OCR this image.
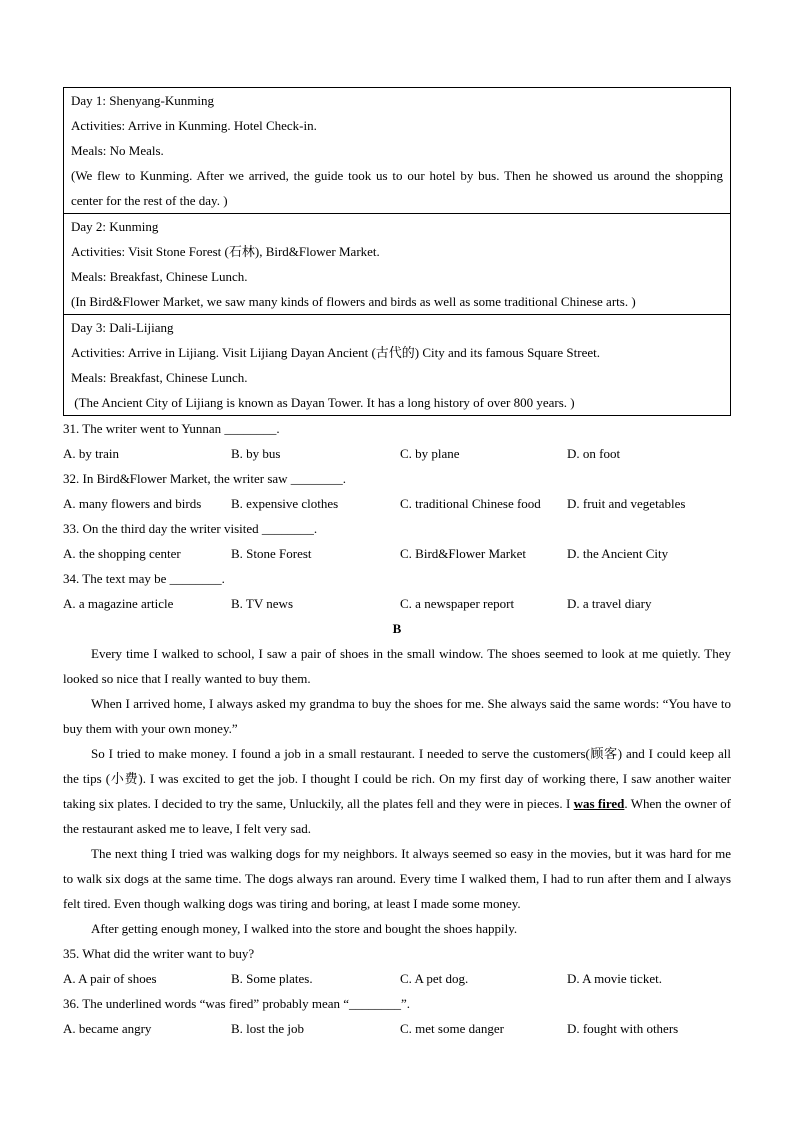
Day 1: Shenyang-Kunming
Activities: Arrive in Kunming. Hotel Check-in.
Meals: No Meals.
(We flew to Kunming. After we arrived, the guide took us to our hotel by bus. Then he showed us around the shopping center for the rest of the day. )

Day 2: Kunming
Activities: Visit Stone Forest (石林), Bird&Flower Market.
Meals: Breakfast, Chinese Lunch.
(In Bird&Flower Market, we saw many kinds of flowers and birds as well as some traditional Chinese arts. )

Day 3: Dali-Lijiang
Activities: Arrive in Lijiang. Visit Lijiang Dayan Ancient (古代的) City and its famous Square Street.
Meals: Breakfast, Chinese Lunch.
(The Ancient City of Lijiang is known as Dayan Tower. It has a long history of over 800 years. )
31. The writer went to Yunnan ________.
A. by train	B. by bus	C. by plane	D. on foot
32. In Bird&Flower Market, the writer saw ________.
A. many flowers and birds B. expensive clothes	C. traditional Chinese food D. fruit and vegetables
33. On the third day the writer visited ________.
A. the shopping center	B. Stone Forest	C. Bird&Flower Market	D. the Ancient City
34. The text may be ________.
A. a magazine article	B. TV news	C. a newspaper report	D. a travel diary
B

Every time I walked to school, I saw a pair of shoes in the small window. The shoes seemed to look at me quietly. They looked so nice that I really wanted to buy them.

When I arrived home, I always asked my grandma to buy the shoes for me. She always said the same words: “You have to buy them with your own money.”

So I tried to make money. I found a job in a small restaurant. I needed to serve the customers(顾客) and I could keep all the tips (小费). I was excited to get the job. I thought I could be rich. On my first day of working there, I saw another waiter taking six plates. I decided to try the same, Unluckily, all the plates fell and they were in pieces. I was fired. When the owner of the restaurant asked me to leave, I felt very sad.

The next thing I tried was walking dogs for my neighbors. It always seemed so easy in the movies, but it was hard for me to walk six dogs at the same time. The dogs always ran around. Every time I walked them, I had to run after them and I always felt tired. Even though walking dogs was tiring and boring, at least I made some money.

After getting enough money, I walked into the store and bought the shoes happily.

35. What did the writer want to buy?
A. A pair of shoes	B. Some plates.	C. A pet dog.	D. A movie ticket.
36. The underlined words “was fired” probably mean “________”.
A. became angry	B. lost the job	C. met some danger	D. fought with others
